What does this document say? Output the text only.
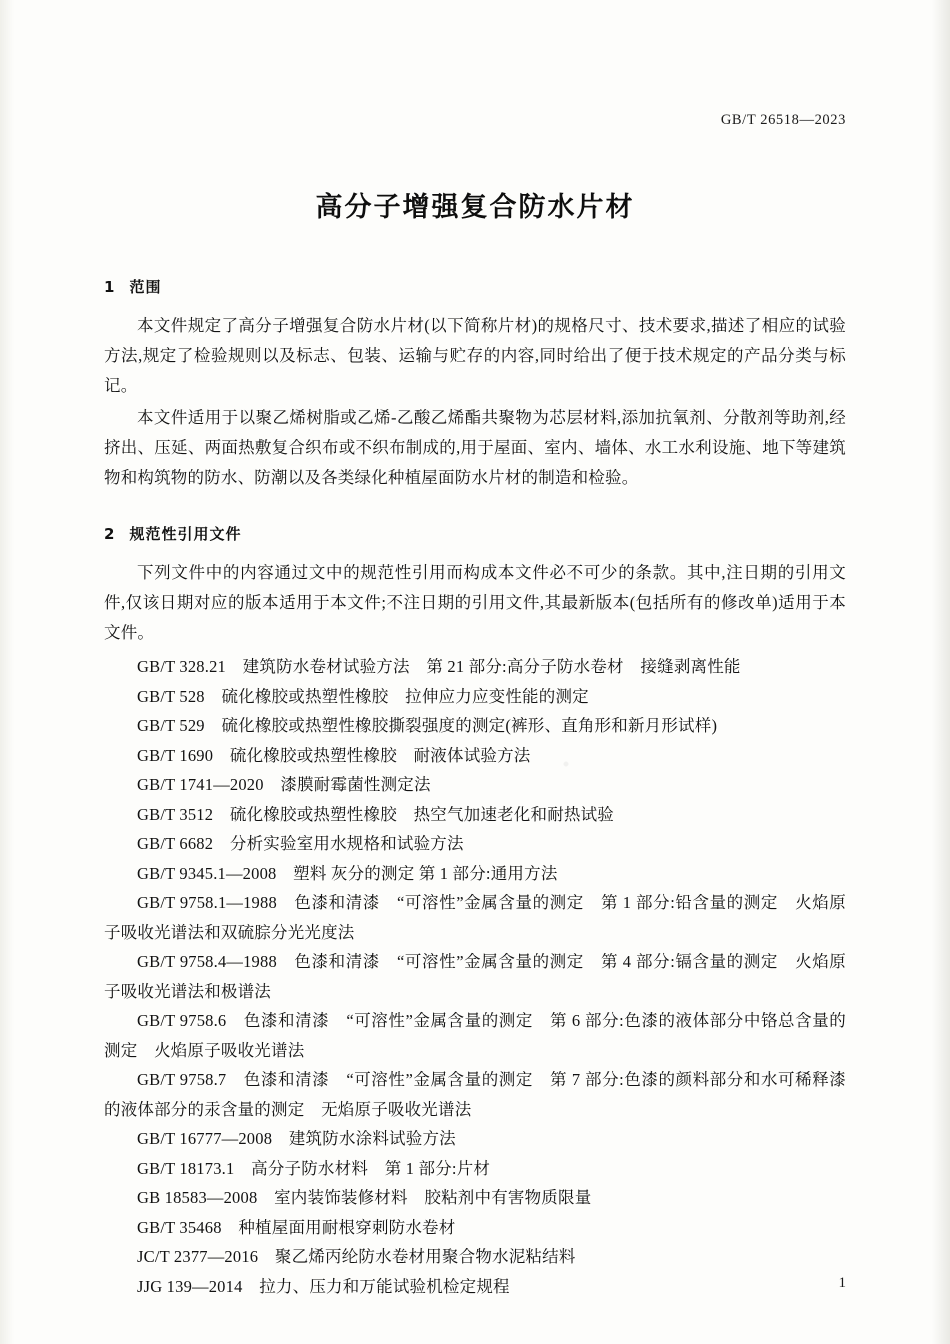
GB/T 26518—2023
高分子增强复合防水片材
1 范围

本文件规定了高分子增强复合防水片材(以下简称片材)的规格尺寸、技术要求,描述了相应的试验方法,规定了检验规则以及标志、包装、运输与贮存的内容,同时给出了便于技术规定的产品分类与标记。

本文件适用于以聚乙烯树脂或乙烯-乙酸乙烯酯共聚物为芯层材料,添加抗氧剂、分散剂等助剂,经挤出、压延、两面热敷复合织布或不织布制成的,用于屋面、室内、墙体、水工水利设施、地下等建筑物和构筑物的防水、防潮以及各类绿化种植屋面防水片材的制造和检验。

2 规范性引用文件

下列文件中的内容通过文中的规范性引用而构成本文件必不可少的条款。其中,注日期的引用文件,仅该日期对应的版本适用于本文件;不注日期的引用文件,其最新版本(包括所有的修改单)适用于本文件。

GB/T 328.21　建筑防水卷材试验方法　第 21 部分:高分子防水卷材　接缝剥离性能
GB/T 528　硫化橡胶或热塑性橡胶　拉伸应力应变性能的测定
GB/T 529　硫化橡胶或热塑性橡胶撕裂强度的测定(裤形、直角形和新月形试样)
GB/T 1690　硫化橡胶或热塑性橡胶　耐液体试验方法
GB/T 1741—2020　漆膜耐霉菌性测定法
GB/T 3512　硫化橡胶或热塑性橡胶　热空气加速老化和耐热试验
GB/T 6682　分析实验室用水规格和试验方法
GB/T 9345.1—2008　塑料 灰分的测定 第 1 部分:通用方法
GB/T 9758.1—1988　色漆和清漆　“可溶性”金属含量的测定　第 1 部分:铅含量的测定　火焰原子吸收光谱法和双硫腙分光光度法
GB/T 9758.4—1988　色漆和清漆　“可溶性”金属含量的测定　第 4 部分:镉含量的测定　火焰原子吸收光谱法和极谱法
GB/T 9758.6　色漆和清漆　“可溶性”金属含量的测定　第 6 部分:色漆的液体部分中铬总含量的测定　火焰原子吸收光谱法
GB/T 9758.7　色漆和清漆　“可溶性”金属含量的测定　第 7 部分:色漆的颜料部分和水可稀释漆的液体部分的汞含量的测定　无焰原子吸收光谱法
GB/T 16777—2008　建筑防水涂料试验方法
GB/T 18173.1　高分子防水材料　第 1 部分:片材
GB 18583—2008　室内装饰装修材料　胶粘剂中有害物质限量
GB/T 35468　种植屋面用耐根穿刺防水卷材
JC/T 2377—2016　聚乙烯丙纶防水卷材用聚合物水泥粘结料
JJG 139—2014　拉力、压力和万能试验机检定规程	1
